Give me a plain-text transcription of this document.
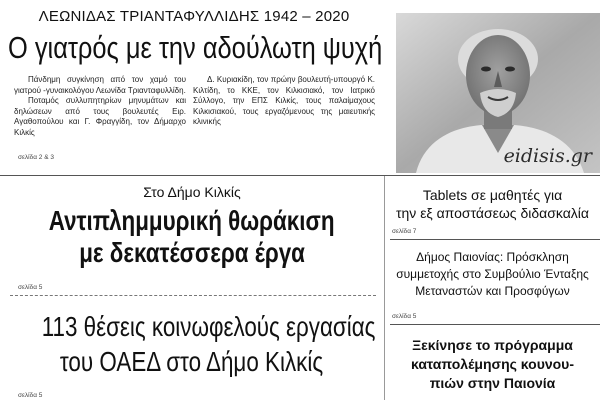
ΛΕΩΝΙΔΑΣ ΤΡΙΑΝΤΑΦΥΛΛΙΔΗΣ 1942 – 2020
Ο γιατρός με την αδούλωτη ψυχή
Πάνδημη συγκίνηση από τον χαμό του γιατρού -γυναικολόγου Λεωνίδα Τριανταφυλλίδη.
Ποταμός συλλυπητηρίων μηνυμάτων και δηλώσεων από τους βουλευτές Ειρ. Αγαθοπούλου και Γ. Φραγγίδη, τον Δήμαρχο Κιλκίς
Δ. Κυριακίδη, τον πρώην βουλευτή-υπουργό Κ. Κιλτίδη, το ΚΚΕ, τον Κιλκισιακό, τον Ιατρικό Σύλλογο, την ΕΠΣ Κιλκίς, τους παλαίμαχους Κιλκισιακού, τους εργαζόμενους της μαιευτικής κλινικής
σελίδα 2 & 3	eidisis.gr
Στο Δήμο Κιλκίς
Αντιπλημμυρική θωράκιση
με δεκατέσσερα έργα
σελίδα 5
113 θέσεις κοινωφελούς εργασίας
του ΟΑΕΔ στο Δήμο Κιλκίς
σελίδα 5
Tablets σε μαθητές για
την εξ αποστάσεως διδασκαλία
σελίδα 7
Δήμος Παιονίας: Πρόσκληση
συμμετοχής στο Συμβούλιο Ένταξης
Μεταναστών και Προσφύγων
σελίδα 5
Ξεκίνησε το πρόγραμμα
καταπολέμησης κουνου-
πιών στην Παιονία
